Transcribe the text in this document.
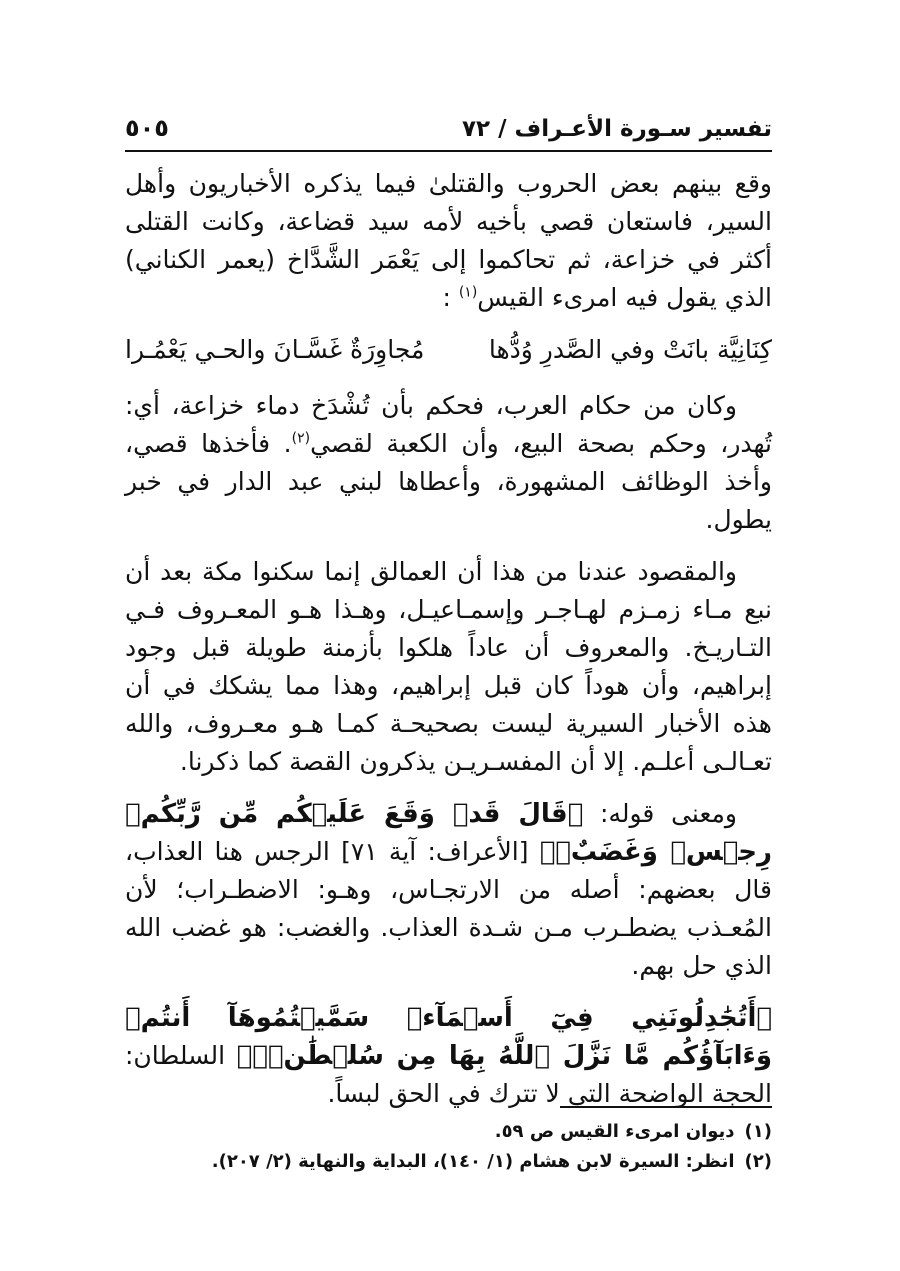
٥٠٥	تفسير سـورة الأعـراف / ٧٢

وقع بينهم بعض الحروب والقتلىٰ فيما يذكره الأخباريون وأهل السير، فاستعان قصي بأخيه لأمه سيد قضاعة، وكانت القتلى أكثر في خزاعة، ثم تحاكموا إلى يَعْمَر الشَّدَّاخ (يعمر الكناني) الذي يقول فيه امرىء القيس$^{(١)}$ :

كِنَانِيَّة بانَتْ وفي الصَّدرِ وُدُّها
مُجاوِرَةٌ غَسَّـانَ والحـي يَعْمُـرا

وكان من حكام العرب، فحكم بأن تُشْدَخ دماء خزاعة، أي: تُهدر، وحكم بصحة البيع، وأن الكعبة لقصي$^{(٢)}$. فأخذها قصي، وأخذ الوظائف المشهورة، وأعطاها لبني عبد الدار في خبر يطول.

والمقصود عندنا من هذا أن العمالق إنما سكنوا مكة بعد أن نبع مـاء زمـزم لهـاجـر وإسمـاعيـل، وهـذا هـو المعـروف فـي التـاريـخ. والمعروف أن عاداً هلكوا بأزمنة طويلة قبل وجود إبراهيم، وأن هوداً كان قبل إبراهيم، وهذا مما يشكك في أن هذه الأخبار السيرية ليست بصحيحـة كمـا هـو معـروف، والله تعـالـى أعلـم. إلا أن المفسـريـن يذكرون القصة كما ذكرنا.

ومعنى قوله: ﴿قَالَ قَدۡ وَقَعَ عَلَيۡكُم مِّن رَّبِّكُمۡ رِجۡسٞ وَغَضَبٌۖ﴾ [الأعراف: آية ٧١] الرجس هنا العذاب، قال بعضهم: أصله من الارتجـاس، وهـو: الاضطـراب؛ لأن المُعـذب يضطـرب مـن شـدة العذاب. والغضب: هو غضب الله الذي حل بهم.

﴿أَتُجَٰدِلُونَنِي فِيٓ أَسۡمَآءٖ سَمَّيۡتُمُوهَآ أَنتُمۡ وَءَابَآؤُكُم مَّا نَزَّلَ ٱللَّهُ بِهَا مِن سُلۡطَٰنٖۚ﴾ السلطان: الحجة الواضحة التي لا تترك في الحق لبساً.

(١)ديوان امرىء القيس ص ٥٩.

(٢)انظر: السيرة لابن هشام (١/ ١٤٠)، البداية والنهاية (٢/ ٢٠٧).
